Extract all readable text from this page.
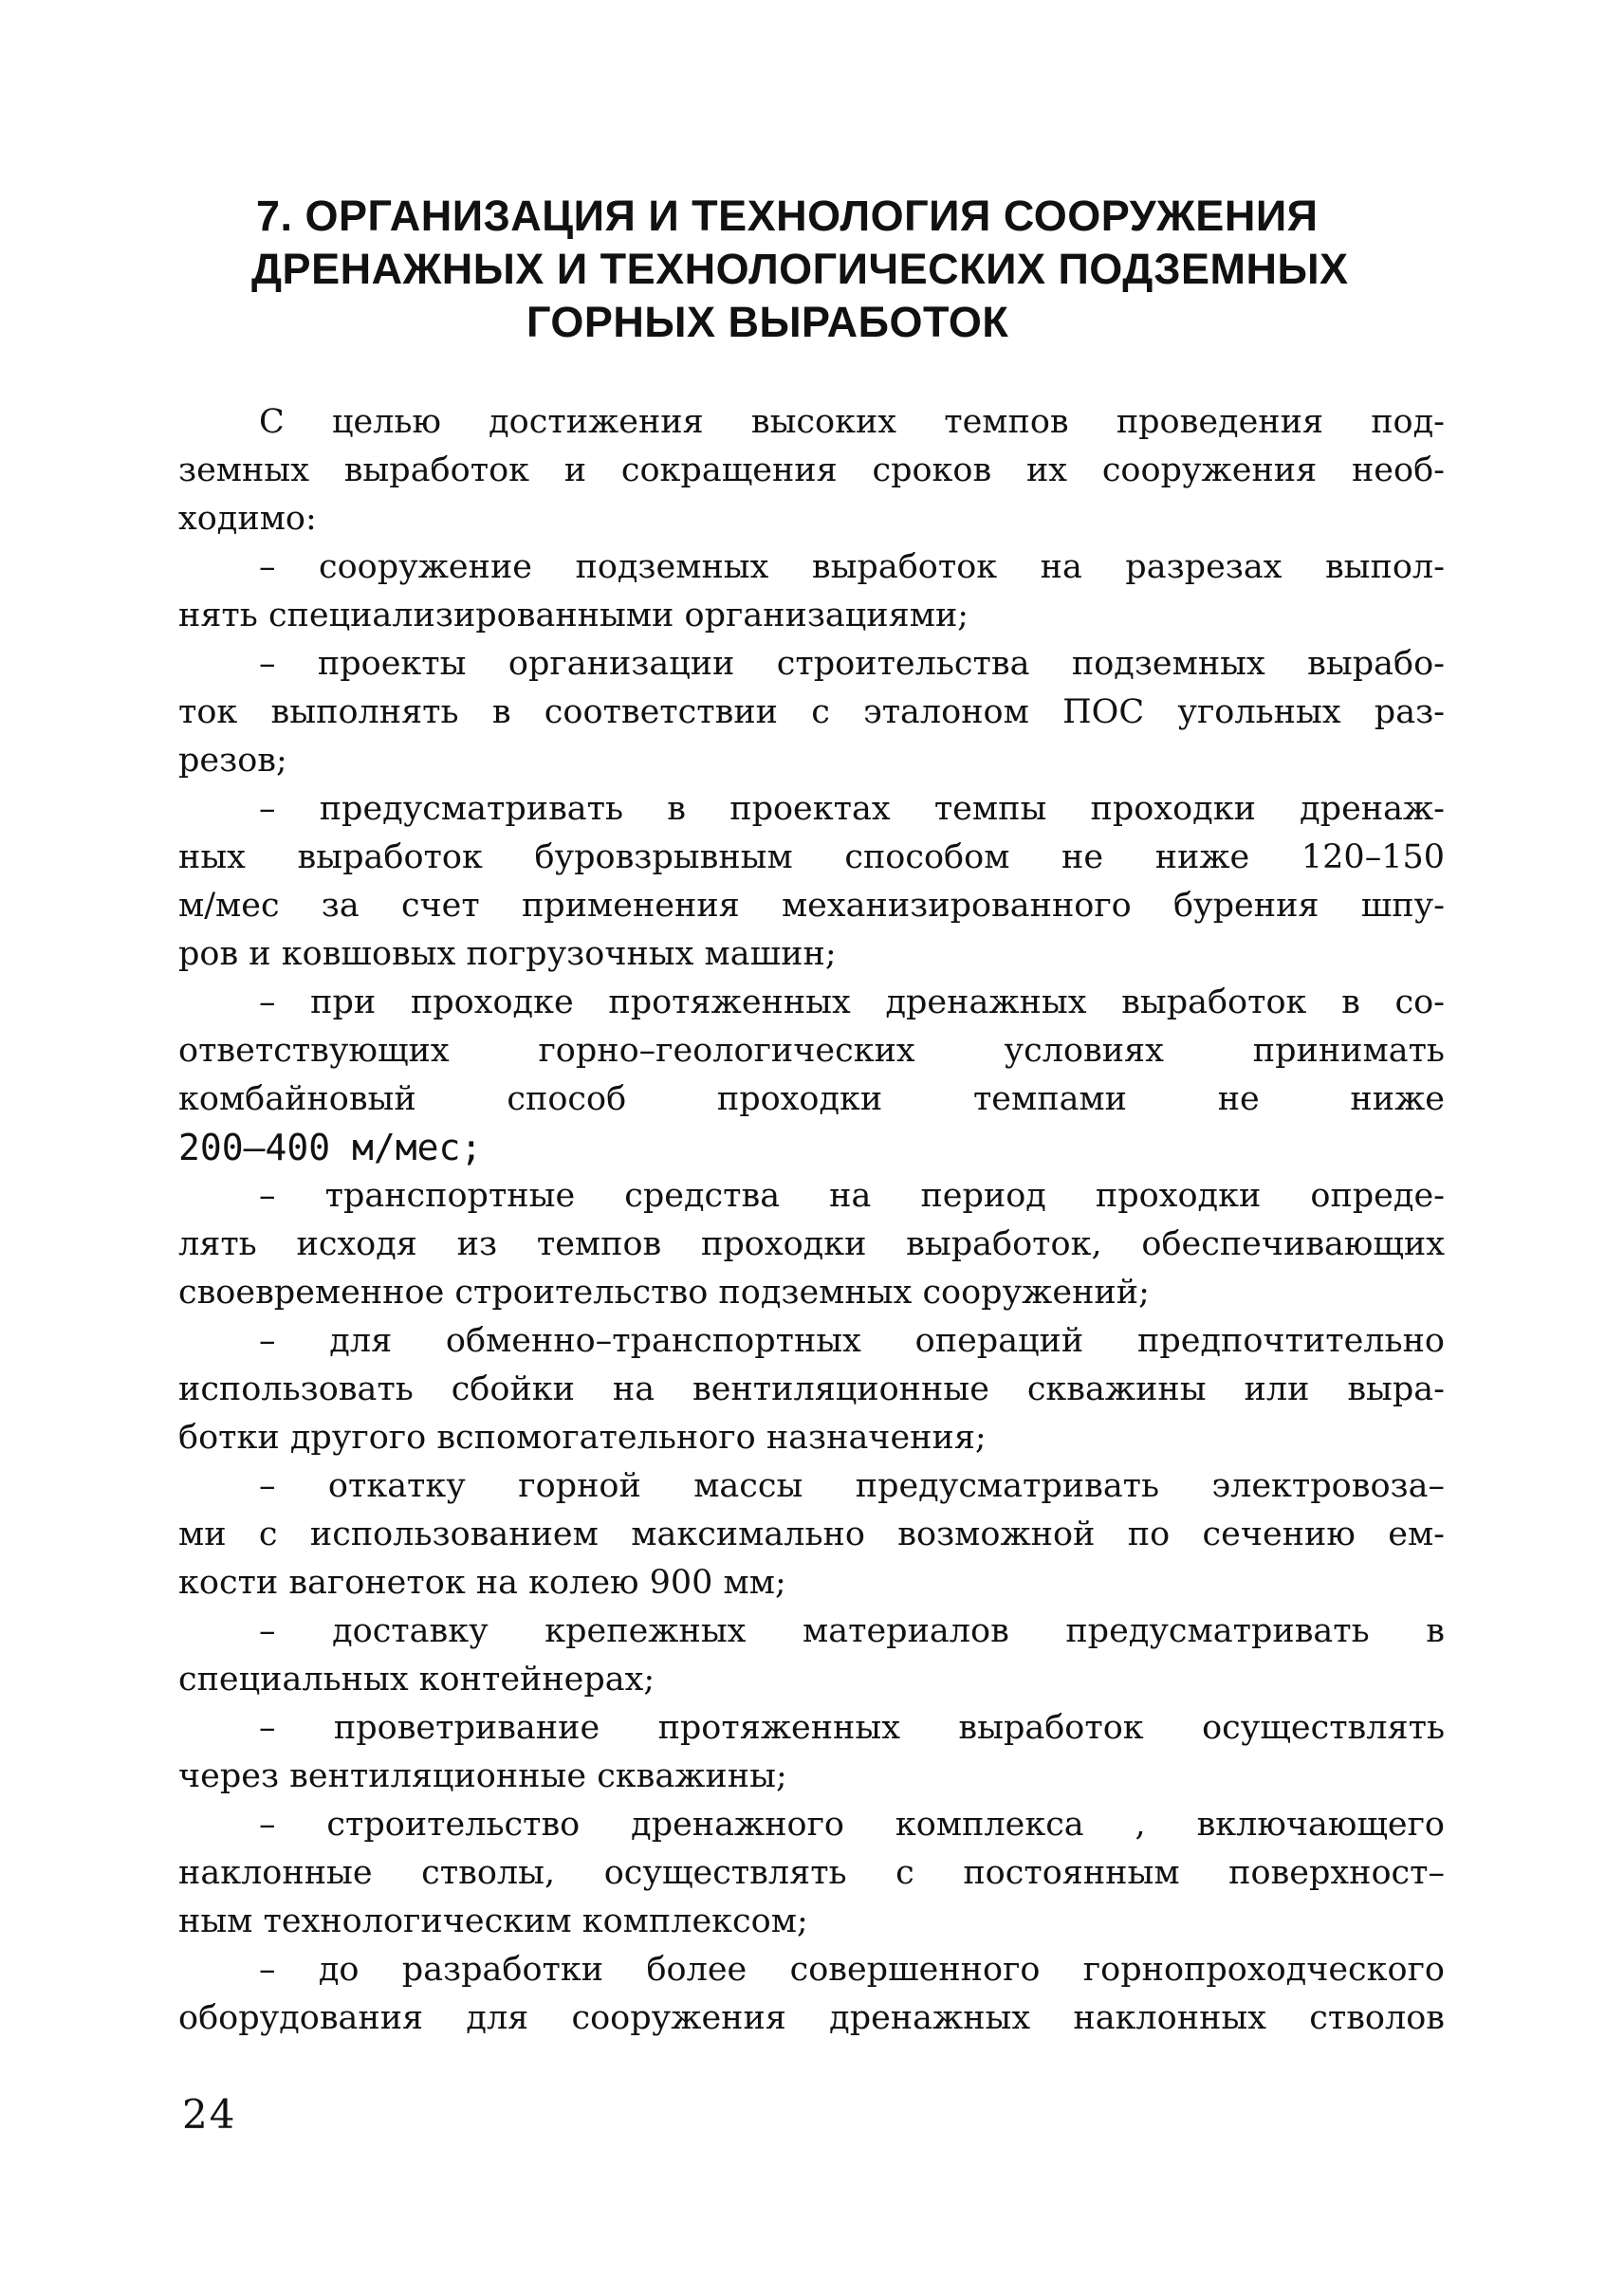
7. ОРГАНИЗАЦИЯ И ТЕХНОЛОГИЯ СООРУЖЕНИЯ
ДРЕНАЖНЫХ И ТЕХНОЛОГИЧЕСКИХ ПОДЗЕМНЫХ
ГОРНЫХ ВЫРАБОТОК
С целью достижения высоких темпов проведения под-
земных выработок и сокращения сроков их сооружения необ-
ходимо:
– сооружение подземных выработок на разрезах выпол-
нять специализированными организациями;
– проекты организации строительства подземных вырабо-
ток выполнять в соответствии с эталоном ПОС угольных раз-
резов;
– предусматривать в проектах темпы проходки дренаж-
ных выработок буровзрывным способом не ниже 120–150
м/мес за счет применения механизированного бурения шпу-
ров и ковшовых погрузочных машин;
– при проходке протяженных дренажных выработок в со-
ответствующих горно–геологических условиях принимать
комбайновый способ проходки темпами не ниже
200–400 м/мес;
– транспортные средства на период проходки опреде-
лять исходя из темпов проходки выработок, обеспечивающих
своевременное строительство подземных сооружений;
– для обменно–транспортных операций предпочтительно
использовать сбойки на вентиляционные скважины или выра-
ботки другого вспомогательного назначения;
– откатку горной массы предусматривать электровоза–
ми с использованием максимально возможной по сечению ем-
кости вагонеток на колею 900 мм;
– доставку крепежных материалов предусматривать в
специальных контейнерах;
– проветривание протяженных выработок осуществлять
через вентиляционные скважины;
– строительство дренажного комплекса , включающего
наклонные стволы, осуществлять с постоянным поверхност–
ным технологическим комплексом;
– до разработки более совершенного горнопроходческого
оборудования для сооружения дренажных наклонных стволов
24
